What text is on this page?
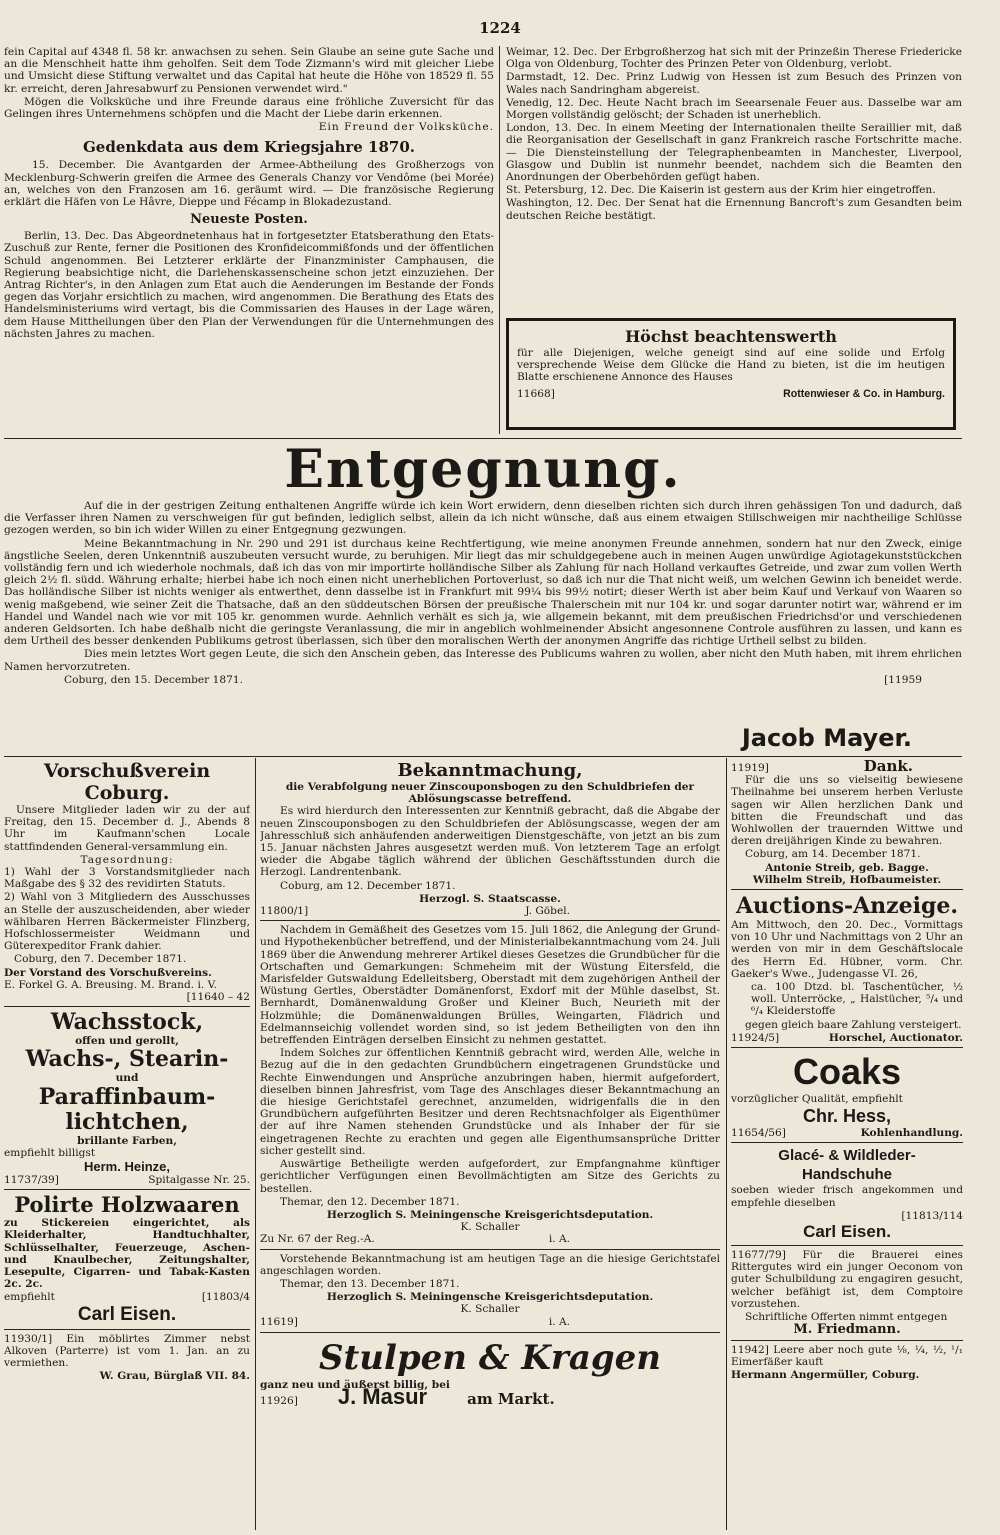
1224

fein Capital auf 4348 fl. 58 kr. anwachsen zu sehen. Sein Glaube an seine gute Sache und an die Menschheit hatte ihm geholfen. Seit dem Tode Zizmann's wird mit gleicher Liebe und Umsicht diese Stiftung verwaltet und das Capital hat heute die Höhe von 18529 fl. 55 kr. erreicht, deren Jahresabwurf zu Pensionen verwendet wird."

Mögen die Volksküche und ihre Freunde daraus eine fröhliche Zuversicht für das Gelingen ihres Unternehmens schöpfen und die Macht der Liebe darin erkennen.

Ein Freund der Volksküche.

Gedenkdata aus dem Kriegsjahre 1870.

15. December. Die Avantgarden der Armee-Abtheilung des Großherzogs von Mecklenburg-Schwerin greifen die Armee des Generals Chanzy vor Vendôme (bei Morée) an, welches von den Franzosen am 16. geräumt wird. — Die französische Regierung erklärt die Häfen von Le Hâvre, Dieppe und Fécamp in Blokadezustand.

Neueste Posten.

Berlin, 13. Dec. Das Abgeordnetenhaus hat in fortgesetzter Etatsberathung den Etats-Zuschuß zur Rente, ferner die Positionen des Kronfideicommißfonds und der öffentlichen Schuld angenommen. Bei Letzterer erklärte der Finanzminister Camphausen, die Regierung beabsichtige nicht, die Darlehenskassenscheine schon jetzt einzuziehen. Der Antrag Richter's, in den Anlagen zum Etat auch die Aenderungen im Bestande der Fonds gegen das Vorjahr ersichtlich zu machen, wird angenommen. Die Berathung des Etats des Handelsministeriums wird vertagt, bis die Commissarien des Hauses in der Lage wären, dem Hause Mittheilungen über den Plan der Verwendungen für die Unternehmungen des nächsten Jahres zu machen.

Weimar, 12. Dec. Der Erbgroßherzog hat sich mit der Prinzeßin Therese Friedericke Olga von Oldenburg, Tochter des Prinzen Peter von Oldenburg, verlobt.

Darmstadt, 12. Dec. Prinz Ludwig von Hessen ist zum Besuch des Prinzen von Wales nach Sandringham abgereist.

Venedig, 12. Dec. Heute Nacht brach im Seearsenale Feuer aus. Dasselbe war am Morgen vollständig gelöscht; der Schaden ist unerheblich.

London, 13. Dec. In einem Meeting der Internationalen theilte Seraillier mit, daß die Reorganisation der Gesellschaft in ganz Frankreich rasche Fortschritte mache. — Die Diensteinstellung der Telegraphenbeamten in Manchester, Liverpool, Glasgow und Dublin ist nunmehr beendet, nachdem sich die Beamten den Anordnungen der Oberbehörden gefügt haben.

St. Petersburg, 12. Dec. Die Kaiserin ist gestern aus der Krim hier eingetroffen.

Washington, 12. Dec. Der Senat hat die Ernennung Bancroft's zum Gesandten beim deutschen Reiche bestätigt.

Höchst beachtenswerth

für alle Diejenigen, welche geneigt sind auf eine solide und Erfolg versprechende Weise dem Glücke die Hand zu bieten, ist die im heutigen Blatte erschienene Annonce des Hauses

11668]	Rottenwieser & Co. in Hamburg.
Entgegnung.

Auf die in der gestrigen Zeitung enthaltenen Angriffe würde ich kein Wort erwidern, denn dieselben richten sich durch ihren gehässigen Ton und dadurch, daß die Verfasser ihren Namen zu verschweigen für gut befinden, lediglich selbst, allein da ich nicht wünsche, daß aus einem etwaigen Stillschweigen mir nachtheilige Schlüsse gezogen werden, so bin ich wider Willen zu einer Entgegnung gezwungen.

Meine Bekanntmachung in Nr. 290 und 291 ist durchaus keine Rechtfertigung, wie meine anonymen Freunde annehmen, sondern hat nur den Zweck, einige ängstliche Seelen, deren Unkenntniß auszubeuten versucht wurde, zu beruhigen. Mir liegt das mir schuldgegebene auch in meinen Augen unwürdige Agiotagekunststückchen vollständig fern und ich wiederhole nochmals, daß ich das von mir importirte holländische Silber als Zahlung für nach Holland verkauftes Getreide, und zwar zum vollen Werth gleich 2½ fl. südd. Währung erhalte; hierbei habe ich noch einen nicht unerheblichen Portoverlust, so daß ich nur die That nicht weiß, um welchen Gewinn ich beneidet werde. Das holländische Silber ist nichts weniger als entwerthet, denn dasselbe ist in Frankfurt mit 99¼ bis 99½ notirt; dieser Werth ist aber beim Kauf und Verkauf von Waaren so wenig maßgebend, wie seiner Zeit die Thatsache, daß an den süddeutschen Börsen der preußische Thalerschein mit nur 104 kr. und sogar darunter notirt war, während er im Handel und Wandel nach wie vor mit 105 kr. genommen wurde. Aehnlich verhält es sich ja, wie allgemein bekannt, mit dem preußischen Friedrichsd'or und verschiedenen anderen Geldsorten. Ich habe deßhalb nicht die geringste Veranlassung, die mir in angeblich wohlmeinender Absicht angesonnene Controle ausführen zu lassen, und kann es dem Urtheil des besser denkenden Publikums getrost überlassen, sich über den moralischen Werth der anonymen Angriffe das richtige Urtheil selbst zu bilden.

Dies mein letztes Wort gegen Leute, die sich den Anschein geben, das Interesse des Publicums wahren zu wollen, aber nicht den Muth haben, mit ihrem ehrlichen Namen hervorzutreten.

Coburg, den 15. December 1871.	[11959
Jacob Mayer.
Vorschußverein Coburg.

Unsere Mitglieder laden wir zu der auf Freitag, den 15. December d. J., Abends 8 Uhr im Kaufmann'schen Locale stattfindenden General-versammlung ein.

Tagesordnung:

1) Wahl der 3 Vorstandsmitglieder nach Maßgabe des § 32 des revidirten Statuts.

2) Wahl von 3 Mitgliedern des Ausschusses an Stelle der auszuscheidenden, aber wieder wählbaren Herren Bäckermeister Flinzberg, Hofschlossermeister Weidmann und Güterexpeditor Frank dahier.

Coburg, den 7. December 1871.

Der Vorstand des Vorschußvereins.
E. Forkel G. A. Breusing. M. Brand. i. V.
[11640 – 42
Wachsstock,
offen und gerollt,
Wachs-, Stearin-
und
Paraffinbaum-
lichtchen,
brillante Farben,
empfiehlt billigst
Herm. Heinze,
11737/39]	Spitalgasse Nr. 25.
Polirte Holzwaaren

zu Stickereien eingerichtet, als Kleiderhalter, Handtuchhalter, Schlüsselhalter, Feuerzeuge, Aschen- und Knaulbecher, Zeitungshalter, Lesepulte, Cigarren- und Tabak-Kasten 2c. 2c.

empfiehlt	[11803/4
Carl Eisen.

11930/1] Ein möblirtes Zimmer nebst Alkoven (Parterre) ist vom 1. Jan. an zu vermiethen.

W. Grau, Bürglaß VII. 84.
Bekanntmachung,
die Verabfolgung neuer Zinscouponsbogen zu den Schuldbriefen der Ablösungscasse betreffend.

Es wird hierdurch den Interessenten zur Kenntniß gebracht, daß die Abgabe der neuen Zinscouponsbogen zu den Schuldbriefen der Ablösungscasse, wegen der am Jahresschluß sich anhäufenden anderweitigen Dienstgeschäfte, von jetzt an bis zum 15. Januar nächsten Jahres ausgesetzt werden muß. Von letzterem Tage an erfolgt wieder die Abgabe täglich während der üblichen Geschäftsstunden durch die Herzogl. Landrentenbank.

Coburg, am 12. December 1871.

Herzogl. S. Staatscasse.
11800/1]	J. Göbel.

Nachdem in Gemäßheit des Gesetzes vom 15. Juli 1862, die Anlegung der Grund- und Hypothekenbücher betreffend, und der Ministerialbekanntmachung vom 24. Juli 1869 über die Anwendung mehrerer Artikel dieses Gesetzes die Grundbücher für die Ortschaften und Gemarkungen: Schmeheim mit der Wüstung Eitersfeld, die Marisfelder Gutswaldung Edelleitsberg, Oberstadt mit dem zugehörigen Antheil der Wüstung Gertles, Oberstädter Domänenforst, Exdorf mit der Mühle daselbst, St. Bernhardt, Domänenwaldung Großer und Kleiner Buch, Neurieth mit der Holzmühle; die Domänenwaldungen Brülles, Weingarten, Flädrich und Edelmannseichig vollendet worden sind, so ist jedem Betheiligten von den ihn betreffenden Einträgen derselben Einsicht zu nehmen gestattet.

Indem Solches zur öffentlichen Kenntniß gebracht wird, werden Alle, welche in Bezug auf die in den gedachten Grundbüchern eingetragenen Grundstücke und Rechte Einwendungen und Ansprüche anzubringen haben, hiermit aufgefordert, dieselben binnen Jahresfrist, vom Tage des Anschlages dieser Bekanntmachung an die hiesige Gerichtstafel gerechnet, anzumelden, widrigenfalls die in den Grundbüchern aufgeführten Besitzer und deren Rechtsnachfolger als Eigenthümer der auf ihre Namen stehenden Grundstücke und als Inhaber der für sie eingetragenen Rechte zu erachten und gegen alle Eigenthumsansprüche Dritter sicher gestellt sind.

Auswärtige Betheiligte werden aufgefordert, zur Empfangnahme künftiger gerichtlicher Verfügungen einen Bevollmächtigten am Sitze des Gerichts zu bestellen.

Themar, den 12. December 1871.

Herzoglich S. Meiningensche Kreisgerichtsdeputation.
K. Schaller
Zu Nr. 67 der Reg.-A.	i. A.

Vorstehende Bekanntmachung ist am heutigen Tage an die hiesige Gerichtstafel angeschlagen worden.

Themar, den 13. December 1871.

Herzoglich S. Meiningensche Kreisgerichtsdeputation.
K. Schaller
11619]	i. A.
Stulpen & Kragen
ganz neu und äußerst billig, bei
11926] J. Masur	am Markt.
11919]	Dank.

Für die uns so vielseitig bewiesene Theilnahme bei unserem herben Verluste sagen wir Allen herzlichen Dank und bitten die Freundschaft und das Wohlwollen der trauernden Wittwe und deren dreijährigen Kinde zu bewahren.

Coburg, am 14. December 1871.

Antonie Streib, geb. Bagge.
Wilhelm Streib, Hofbaumeister.
Auctions-Anzeige.

Am Mittwoch, den 20. Dec., Vormittags von 10 Uhr und Nachmittags von 2 Uhr an werden von mir in dem Geschäftslocale des Herrn Ed. Hübner, vorm. Chr. Gaeker's Wwe., Judengasse VI. 26,

ca. 100 Dtzd. bl. Taschentücher, ½ woll. Unterröcke, „ Halstücher, ⁵/₄ und ⁶/₄ Kleiderstoffe

gegen gleich baare Zahlung versteigert.

11924/5]	Horschel, Auctionator.
Coaks
vorzüglicher Qualität, empfiehlt
Chr. Hess,
11654/56]	Kohlenhandlung.
Glacé- & Wildleder-
Handschuhe

soeben wieder frisch angekommen und empfehle dieselben

[11813/114
Carl Eisen.

11677/79] Für die Brauerei eines Rittergutes wird ein junger Oeconom von guter Schulbildung zu engagiren gesucht, welcher befähigt ist, dem Comptoire vorzustehen.

Schriftliche Offerten nimmt entgegen

M. Friedmann.

11942] Leere aber noch gute ⅛, ¼, ½, ¹/₁ Eimerfäßer kauft

Hermann Angermüller, Coburg.
